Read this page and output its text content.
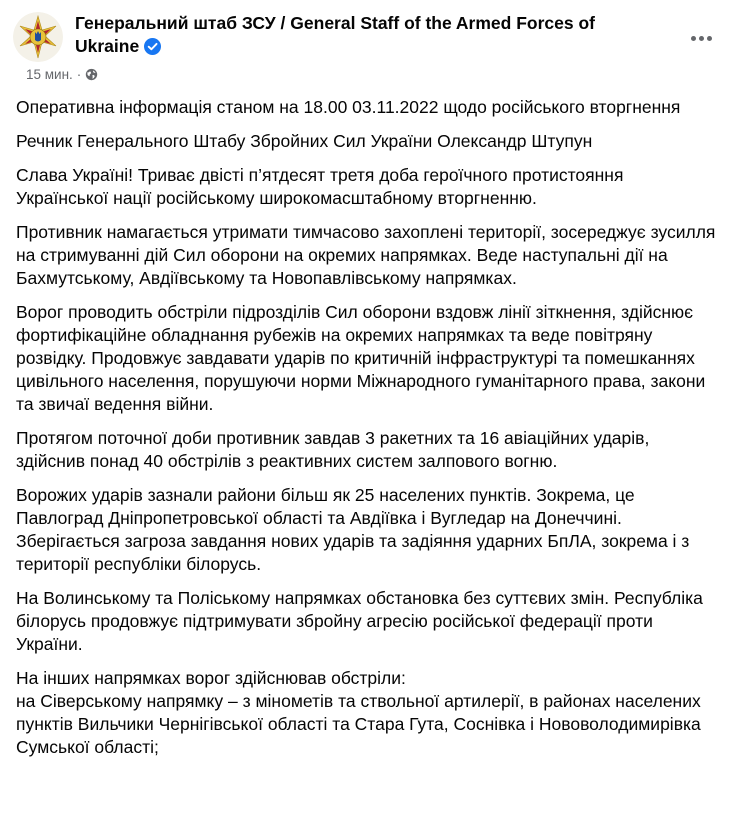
Генеральний штаб ЗСУ / General Staff of the Armed Forces of Ukraine
15 мин. ·

Оперативна інформація станом на 18.00 03.11.2022 щодо російського вторгнення

Речник Генерального Штабу Збройних Сил України Олександр Штупун

Слава Україні! Триває двісті п’ятдесят третя доба героїчного протистояння Української нації російському широкомасштабному вторгненню.

Противник намагається утримати тимчасово захоплені території, зосереджує зусилля на стримуванні дій Сил оборони на окремих напрямках. Веде наступальні дії на Бахмутському, Авдіївському та Новопавлівському напрямках.

Ворог проводить обстріли підрозділів Сил оборони вздовж лінії зіткнення, здійснює фортифікаційне обладнання рубежів на окремих напрямках та веде повітряну розвідку. Продовжує завдавати ударів по критичній інфраструктурі та помешканнях цивільного населення, порушуючи норми Міжнародного гуманітарного права, закони та звичаї ведення війни.

Протягом поточної доби противник завдав 3 ракетних та 16 авіаційних ударів, здійснив понад 40 обстрілів з реактивних систем залпового вогню.

Ворожих ударів зазнали райони більш як 25 населених пунктів. Зокрема, це Павлоград Дніпропетровської області та Авдіївка і Вугледар на Донеччині. Зберігається загроза завдання нових ударів та задіяння ударних БпЛА, зокрема і з території республіки білорусь.

На Волинському та Поліському напрямках обстановка без суттєвих змін. Республіка білорусь продовжує підтримувати збройну агресію російської федерації проти України.

На інших напрямках ворог здійснював обстріли:
на Сіверському напрямку – з мінометів та ствольної артилерії, в районах населених пунктів Вильчики Чернігівської області та Стара Гута, Соснівка і Нововолодимирівка Сумської області;
